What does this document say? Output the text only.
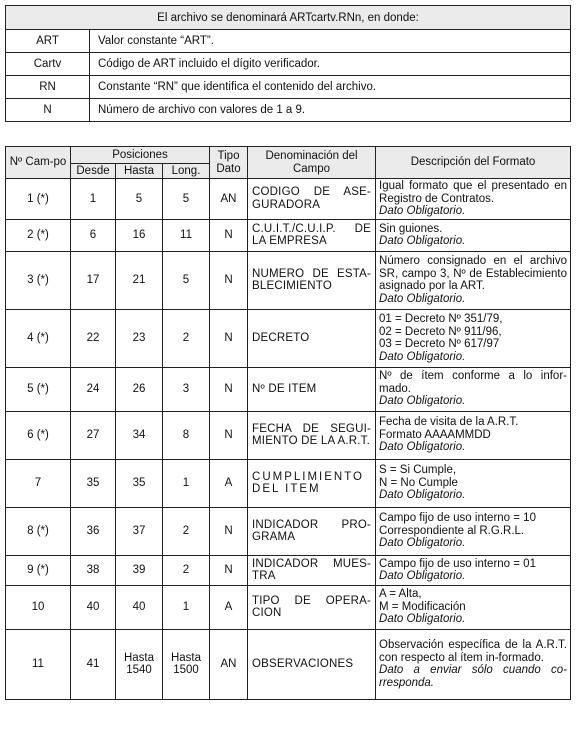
El archivo se denominará ARTcartv.RNn, en donde:	
ART	Valor constante “ART”.
Cartv	Código de ART incluido el dígito verificador.
RN	Constante “RN” que identifica el contenido del archivo.
N	Número de archivo con valores de 1 a 9.
Nº Cam-po	Posiciones			Tipo Dato	Denominación del Campo	Descripción del Formato
	Desde	Hasta	Long.			
1 (*)	1	5	5	AN	CODIGO DE ASE-GURADORA	Igual formato que el presentado en Registro de Contratos.
Dato Obligatorio.

2 (*)	6	16	11	N	C.U.I.T./C.U.I.P. DE LA EMPRESA	Sin guiones.
Dato Obligatorio.

3 (*)	17	21	5	N	NUMERO DE ESTA-BLECIMIENTO	Número consignado en el archivo SR, campo 3, Nº de Establecimiento asignado por la ART.
Dato Obligatorio.

4 (*)	22	23	2	N	DECRETO	01 = Decreto Nº 351/79,
02 = Decreto Nº 911/96,
03 = Decreto Nº 617/97
Dato Obligatorio.

5 (*)	24	26	3	N	Nº DE ITEM	Nº de ítem conforme a lo infor-mado.
Dato Obligatorio.

6 (*)	27	34	8	N	FECHA DE SEGUI-MIENTO DE LA A.R.T.	Fecha de visita de la A.R.T.
Formato AAAAMMDD
Dato Obligatorio.

7	35	35	1	A	CUMPLIMIENTO DEL ITEM	S = Si Cumple,
N = No Cumple
Dato Obligatorio.

8 (*)	36	37	2	N	INDICADOR PRO-GRAMA	Campo fijo de uso interno = 10
Correspondiente al R.G.R.L.
Dato Obligatorio.

9 (*)	38	39	2	N	INDICADOR MUES-TRA	Campo fijo de uso interno = 01
Dato Obligatorio.

10	40	40	1	A	TIPO DE OPERA-CION	A = Alta,
M = Modificación
Dato Obligatorio.

11	41	Hasta 1540	Hasta 1500	AN	OBSERVACIONES	Observación específica de la A.R.T. con respecto al ítem in-formado.
Dato a enviar sólo cuando co-rresponda.
